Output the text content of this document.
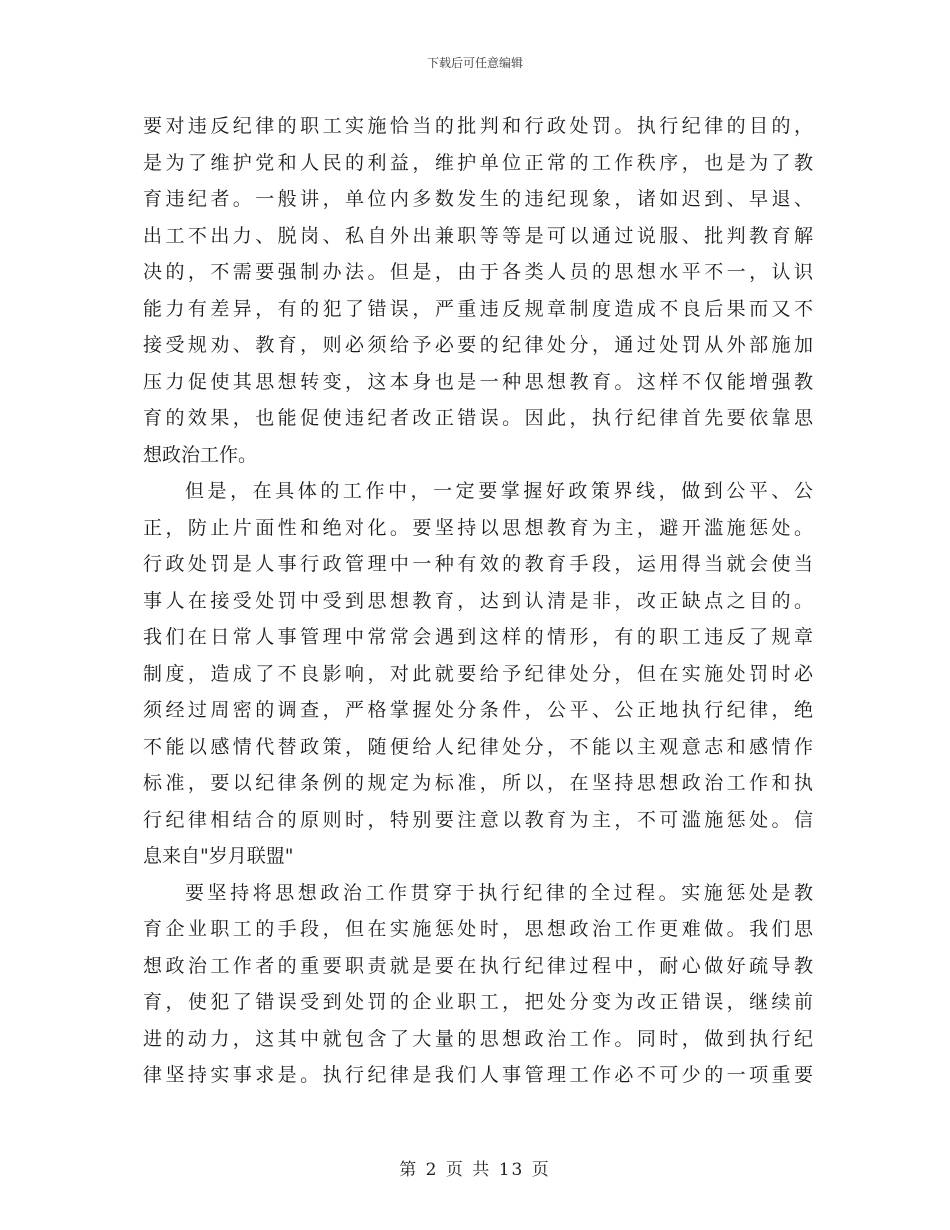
下载后可任意编辑
要对违反纪律的职工实施恰当的批判和行政处罚。执行纪律的目的，
是为了维护党和人民的利益，维护单位正常的工作秩序，也是为了教
育违纪者。一般讲，单位内多数发生的违纪现象，诸如迟到、早退、
出工不出力、脱岗、私自外出兼职等等是可以通过说服、批判教育解
决的，不需要强制办法。但是，由于各类人员的思想水平不一，认识
能力有差异，有的犯了错误，严重违反规章制度造成不良后果而又不
接受规劝、教育，则必须给予必要的纪律处分，通过处罚从外部施加
压力促使其思想转变，这本身也是一种思想教育。这样不仅能增强教
育的效果，也能促使违纪者改正错误。因此，执行纪律首先要依靠思
想政治工作。
但是，在具体的工作中，一定要掌握好政策界线，做到公平、公
正，防止片面性和绝对化。要坚持以思想教育为主，避开滥施惩处。
行政处罚是人事行政管理中一种有效的教育手段，运用得当就会使当
事人在接受处罚中受到思想教育，达到认清是非，改正缺点之目的。
我们在日常人事管理中常常会遇到这样的情形，有的职工违反了规章
制度，造成了不良影响，对此就要给予纪律处分，但在实施处罚时必
须经过周密的调查，严格掌握处分条件，公平、公正地执行纪律，绝
不能以感情代替政策，随便给人纪律处分，不能以主观意志和感情作
标准，要以纪律条例的规定为标准，所以，在坚持思想政治工作和执
行纪律相结合的原则时，特别要注意以教育为主，不可滥施惩处。信
息来自"岁月联盟"
要坚持将思想政治工作贯穿于执行纪律的全过程。实施惩处是教
育企业职工的手段，但在实施惩处时，思想政治工作更难做。我们思
想政治工作者的重要职责就是要在执行纪律过程中，耐心做好疏导教
育，使犯了错误受到处罚的企业职工，把处分变为改正错误，继续前
进的动力，这其中就包含了大量的思想政治工作。同时，做到执行纪
律坚持实事求是。执行纪律是我们人事管理工作必不可少的一项重要
第 2 页 共 13 页
